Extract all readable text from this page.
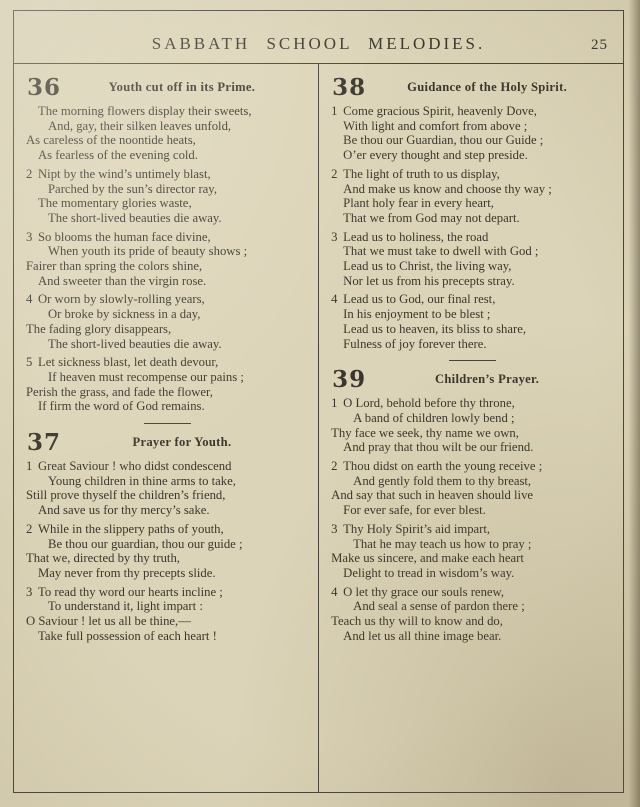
SABBATH SCHOOL MELODIES.	25
36	Youth cut off in its Prime.
The morning flowers display their sweets,
And, gay, their silken leaves unfold,
As careless of the noontide heats,
As fearless of the evening cold.
2 Nipt by the wind’s untimely blast,
Parched by the sun’s director ray,
The momentary glories waste,
The short-lived beauties die away.
3 So blooms the human face divine,
When youth its pride of beauty shows ;
Fairer than spring the colors shine,
And sweeter than the virgin rose.
4 Or worn by slowly-rolling years,
Or broke by sickness in a day,
The fading glory disappears,
The short-lived beauties die away.
5 Let sickness blast, let death devour,
If heaven must recompense our pains ;
Perish the grass, and fade the flower,
If firm the word of God remains.
37	Prayer for Youth.
1 Great Saviour ! who didst condescend
Young children in thine arms to take,
Still prove thyself the children’s friend,
And save us for thy mercy’s sake.
2 While in the slippery paths of youth,
Be thou our guardian, thou our guide ;
That we, directed by thy truth,
May never from thy precepts slide.
3 To read thy word our hearts incline ;
To understand it, light impart :
O Saviour ! let us all be thine,—
Take full possession of each heart !
38	Guidance of the Holy Spirit.
1 Come gracious Spirit, heavenly Dove,
With light and comfort from above ;
Be thou our Guardian, thou our Guide ;
O’er every thought and step preside.
2 The light of truth to us display,
And make us know and choose thy way ;
Plant holy fear in every heart,
That we from God may not depart.
3 Lead us to holiness, the road
That we must take to dwell with God ;
Lead us to Christ, the living way,
Nor let us from his precepts stray.
4 Lead us to God, our final rest,
In his enjoyment to be blest ;
Lead us to heaven, its bliss to share,
Fulness of joy forever there.
39	Children’s Prayer.
1 O Lord, behold before thy throne,
A band of children lowly bend ;
Thy face we seek, thy name we own,
And pray that thou wilt be our friend.
2 Thou didst on earth the young receive ;
And gently fold them to thy breast,
And say that such in heaven should live
For ever safe, for ever blest.
3 Thy Holy Spirit’s aid impart,
That he may teach us how to pray ;
Make us sincere, and make each heart
Delight to tread in wisdom’s way.
4 O let thy grace our souls renew,
And seal a sense of pardon there ;
Teach us thy will to know and do,
And let us all thine image bear.
